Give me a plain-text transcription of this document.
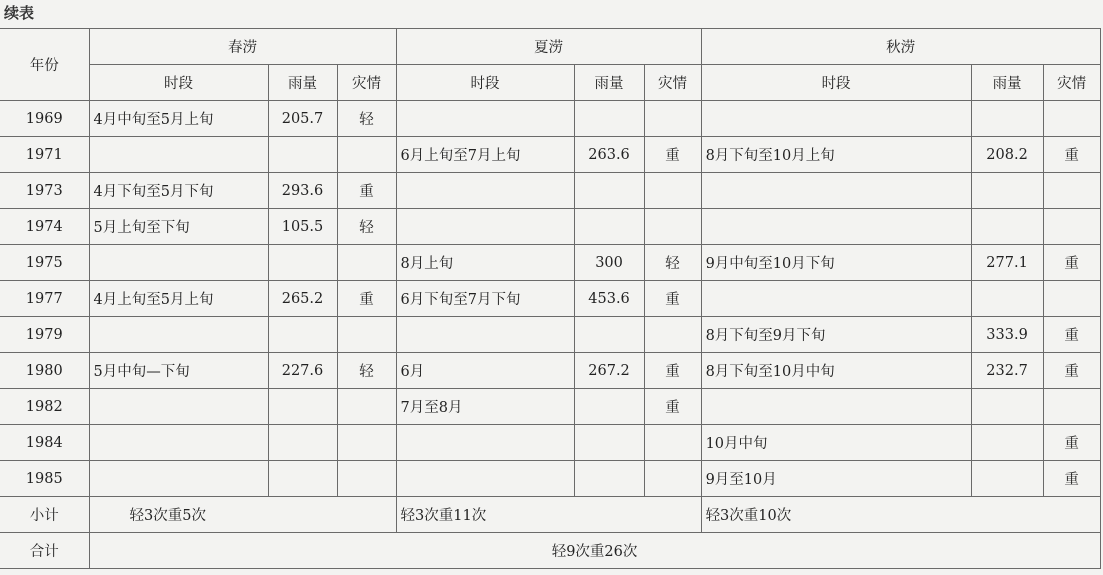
续表
年份	春涝			夏涝			秋涝		
	时段	雨量	灾情	时段	雨量	灾情	时段	雨量	灾情
1969	4月中旬至5月上旬	205.7	轻						
1971				6月上旬至7月上旬	263.6	重	8月下旬至10月上旬	208.2	重
1973	4月下旬至5月下旬	293.6	重						
1974	5月上旬至下旬	105.5	轻						
1975				8月上旬	300	轻	9月中旬至10月下旬	277.1	重
1977	4月上旬至5月上旬	265.2	重	6月下旬至7月下旬	453.6	重			
1979							8月下旬至9月下旬	333.9	重
1980	5月中旬—下旬	227.6	轻	6月	267.2	重	8月下旬至10月中旬	232.7	重
1982				7月至8月		重			
1984							10月中旬		重
1985							9月至10月		重
小计	轻3次重5次			轻3次重11次			轻3次重10次		
合计	轻9次重26次								
